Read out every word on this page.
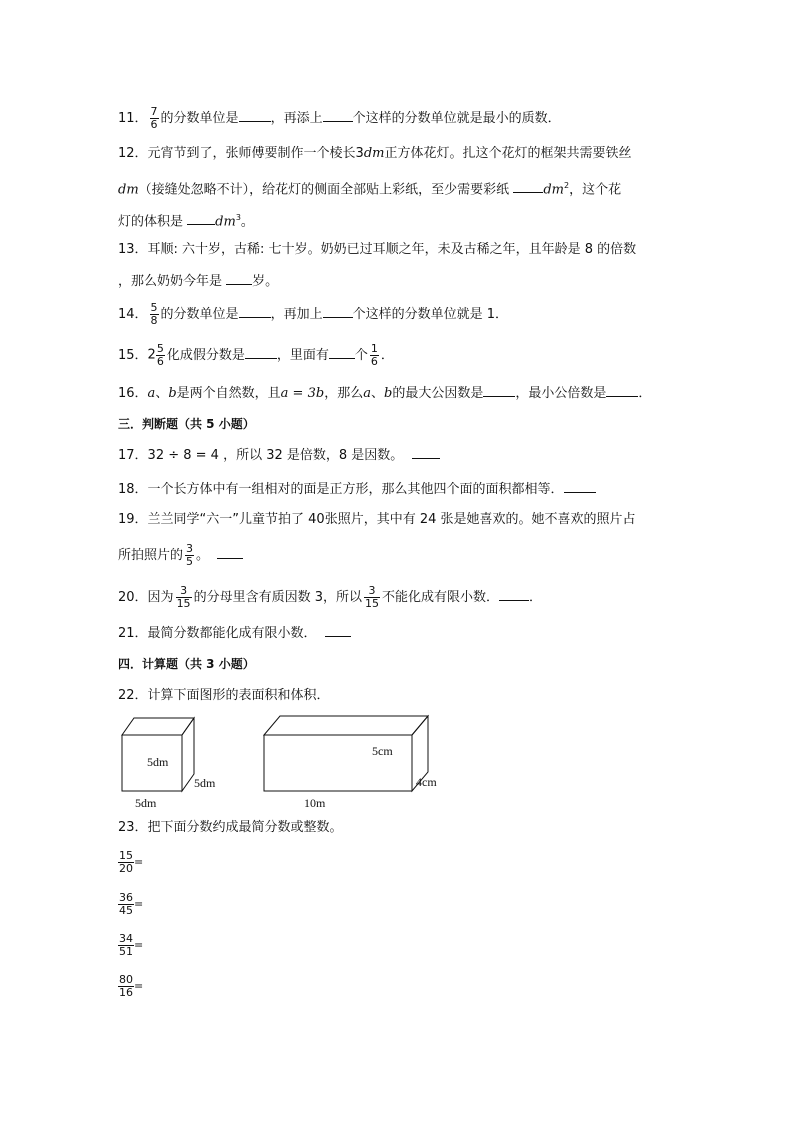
11． $\frac{7}{6}$ 的分数单位是 ，再添上 个这样的分数单位就是最小的质数．
12．元宵节到了，张师傅要制作一个棱长3dm正方体花灯。扎这个花灯的框架共需要铁丝
dm（接缝处忽略不计），给花灯的侧面全部贴上彩纸，至少需要彩纸	$dm^2$，这个花
灯的体积是 $dm^3$。
13．耳顺: 六十岁，古稀: 七十岁。奶奶已过耳顺之年，未及古稀之年，且年龄是 8 的倍数
，那么奶奶今年是 岁。
14． $\frac{5}{8}$ 的分数单位是 ，再加上 个这样的分数单位就是 1．
15．$2 \frac{5}{6}$ 化成假分数是 ，里面有 个 $\frac{1}{6}$ ．
16．a、b是两个自然数，且a = 3b，那么a、b的最大公因数是 ，最小公倍数是 ．
三．判断题（共 5 小题）
17．32 ÷ 8 = 4 ，所以 32 是倍数，8 是因数。
18．一个长方体中有一组相对的面是正方形，那么其他四个面的面积都相等．
19．兰兰同学“六一”儿童节拍了 40张照片，其中有 24 张是她喜欢的。她不喜欢的照片占
所拍照片的 $\frac{3}{5}$ 。
20．因为 $\frac{3}{15}$ 的分母里含有质因数 3，所以 $\frac{3}{15}$ 不能化成有限小数． ．
21．最简分数都能化成有限小数．
四．计算题（共 3 小题）
22．计算下面图形的表面积和体积．
5dm
5dm
5dm
5cm
4cm
10m
23．把下面分数约成最简分数或整数。
$\frac{15}{20}$ =
$\frac{36}{45}$ =
$\frac{34}{51}$ =
$\frac{80}{16}$ =
